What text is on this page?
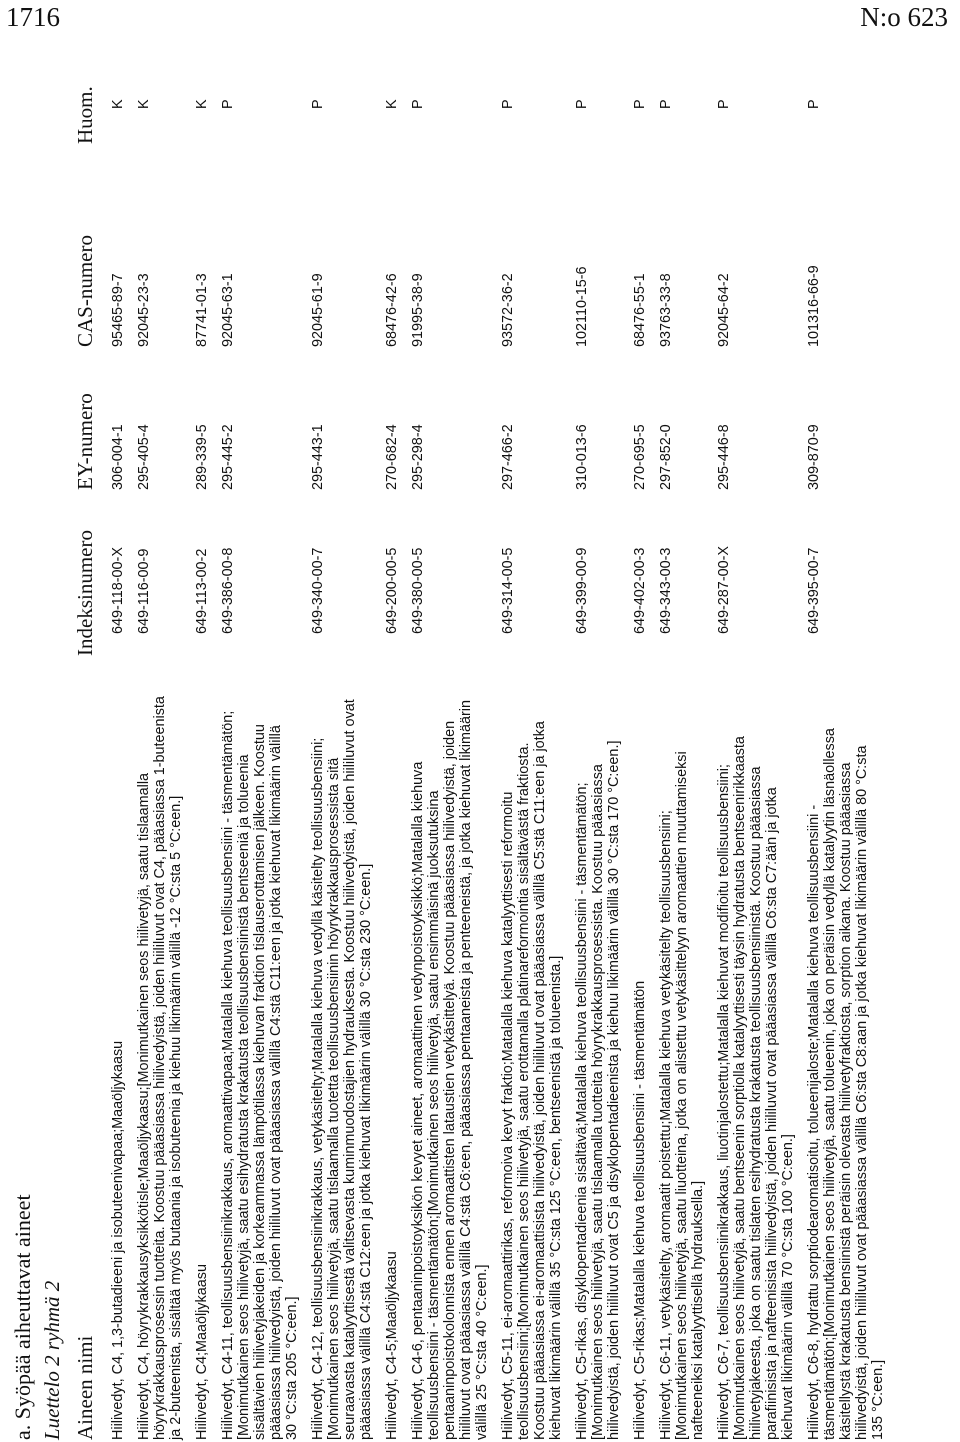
1716	N:o 623
a. Syöpää aiheuttavat aineet Luettelo 2 ryhmä 2 Aineen nimi
Indeksinumero
EY-numero
CAS-numero
Huom.
Hiilivedyt, C4, 1,3-butadieeni ja isobuteenivapaa;Maaöljykaasu
649-118-00-X
306-004-1
95465-89-7
K
Hiilivedyt, C4, höyrykrakkausyksikkötisle;Maaöljykaasu;[Monimutkainen seos hiilivetyjä, saatu tislaamalla höyrykrakkausprosessin tuotteita. Koostuu pääasiassa hiilivedyistä, joiden hiililuvut ovat C4, pääasiassa 1-buteenista ja 2-buteenista, sisältää myös butaania ja isobuteenia ja kiehuu likimäärin välillä -12 °C:sta 5 °C:een.]
649-116-00-9
295-405-4
92045-23-3
K
Hiilivedyt, C4;Maaöljykaasu
649-113-00-2
289-339-5
87741-01-3
K
Hiilivedyt, C4-11, teollisuusbensiinikrakkaus, aromaattivapaa;Matalalla kiehuva teollisuusbensiini - täsmentämätön; [Monimutkainen seos hiilivetyjä, saatu esihydratusta krakatusta teollisuusbensiinistä bentseeniä ja tolueenia sisältävien hiilivetyjakeiden ja korkeammassa lämpötilassa kiehuvan fraktion tislauserottamisen jälkeen. Koostuu pääasiassa hiilivedyistä, joiden hiililuvut ovat pääasiassa välillä C4:stä C11:een ja jotka kiehuvat likimäärin välillä 30 °C:sta 205 °C:een.]
649-386-00-8
295-445-2
92045-63-1
P
Hiilivedyt, C4-12, teollisuusbensiinikrakkaus, vetykäsitelty;Matalalla kiehuva vedyllä käsitelty teollisuusbensiini; [Monimutkainen seos hiilivetyjä, saatu tislaamalla tuotetta teollisuusbensiinin höyrykrakkausprosessista sitä seuraavasta katalyyttisestä valitsevasta kuminmuodostajien hydrauksesta. Koostuu hiilivedyistä, joiden hiililuvut ovat pääasiassa välillä C4:stä C12:een ja jotka kiehuvat likimäärin välillä 30 °C:sta 230 °C:een.]
649-340-00-7
295-443-1
92045-61-9
P
Hiilivedyt, C4-5;Maaöljykaasu
649-200-00-5
270-682-4
68476-42-6
K
Hiilivedyt, C4-6, pentaaninpoistoyksikön kevyet aineet, aromaattinen vedynpoistoyksikkö;Matalalla kiehuva teollisuusbensiini - täsmentämätön;[Monimutkainen seos hiilivetyjä, saatu ensimmäisinä juoksutuksina pentaaninpoistokolonnista ennen aromaattisten lataustien vetykäsittelyä. Koostuu pääasiassa hiilivedyistä, joiden hiililuvut ovat pääasiassa välillä C4:stä C6:een, pääasiassa pentaaneista ja penteeneistä, ja jotka kiehuvat likimäärin välillä 25 °C:sta 40 °C:een.]
649-380-00-5
295-298-4
91995-38-9
P
Hiilivedyt, C5-11, ei-aromaattirikas, reformoiva kevyt fraktio;Matalalla kiehuva katalyyttisesti reformoitu teollisuusbensiini;[Monimutkainen seos hiilivetyjä, saatu erottamalla platinareformointia sisältävästä fraktiosta. Koostuu pääasiassa ei-aromaattisista hiilivedyistä, joiden hiililuvut ovat pääasiassa välillä C5:stä C11:een ja jotka kiehuvat likimäärin välillä 35 °C:sta 125 °C:een, bentseenistä ja tolueenista.]
649-314-00-5
297-466-2
93572-36-2
P
Hiilivedyt, C5-rikas, disyklopentadieenia sisältävä;Matalalla kiehuva teollisuusbensiini - täsmentämätön; [Monimutkainen seos hiilivetyjä, saatu tislaamalla tuotteita höyrykrakkausprosessista. Koostuu pääasiassa hiilivedyistä, joiden hiililuvut ovat C5 ja disyklopentadieenista ja kiehuu likimäärin välillä 30 °C:sta 170 °C:een.]
649-399-00-9
310-013-6
102110-15-6
P
Hiilivedyt, C5-rikas;Matalalla kiehuva teollisuusbensiini - täsmentämätön
649-402-00-3
270-695-5
68476-55-1
P
Hiilivedyt, C6-11, vetykäsitelty, aromaatit poistettu;Matalalla kiehuva vetykäsitelty teollisuusbensiini; [Monimutkainen seos hiilivetyjä, saatu liuotteina, jotka on alistettu vetykäsittelyyn aromaattien muuttamiseksi nafteeneiksi katalyyttisellä hydrauksella.]
649-343-00-3
297-852-0
93763-33-8
P
Hiilivedyt, C6-7, teollisuusbensiinikrakkaus, liuotinjalostettu;Matalalla kiehuvat modifioitu teollisuusbensiini; [Monimutkainen seos hiilivetyjä, saatu bentseenin sorptiolla katalyyttisesti täysin hydratusta bentseenirikkaasta hiilivetyjakeesta, joka on saatu tislaten esihydratusta krakatusta teollisuusbensiinistä. Koostuu pääasiassa parafiinisista ja nafteenisista hiilivedyistä, joiden hiililuvut ovat pääasiassa välillä C6:sta C7:ään ja jotka kiehuvat likimäärin välillä 70 °C:sta 100 °C:een.]
649-287-00-X
295-446-8
92045-64-2
P
Hiilivedyt, C6-8, hydrattu sorptiodearomatisoitu, tolueenijaloste;Matalalla kiehuva teollisuusbensiini - täsmentämätön;[Monimutkainen seos hiilivetyjä, saatu tolueenin, joka on peräisin vedyllä katalyytin läsnäollessa käsitellystä krakatusta bensiinistä peräisin olevasta hiilivetyfraktiosta, sorption aikana. Koostuu pääasiassa hiilivedyistä, joiden hiililuvut ovat pääasiassa välillä C6:sta C8:aan ja jotka kiehuvat likimäärin välillä 80 °C:sta 135 °C:een.]
649-395-00-7
309-870-9
101316-66-9
P
